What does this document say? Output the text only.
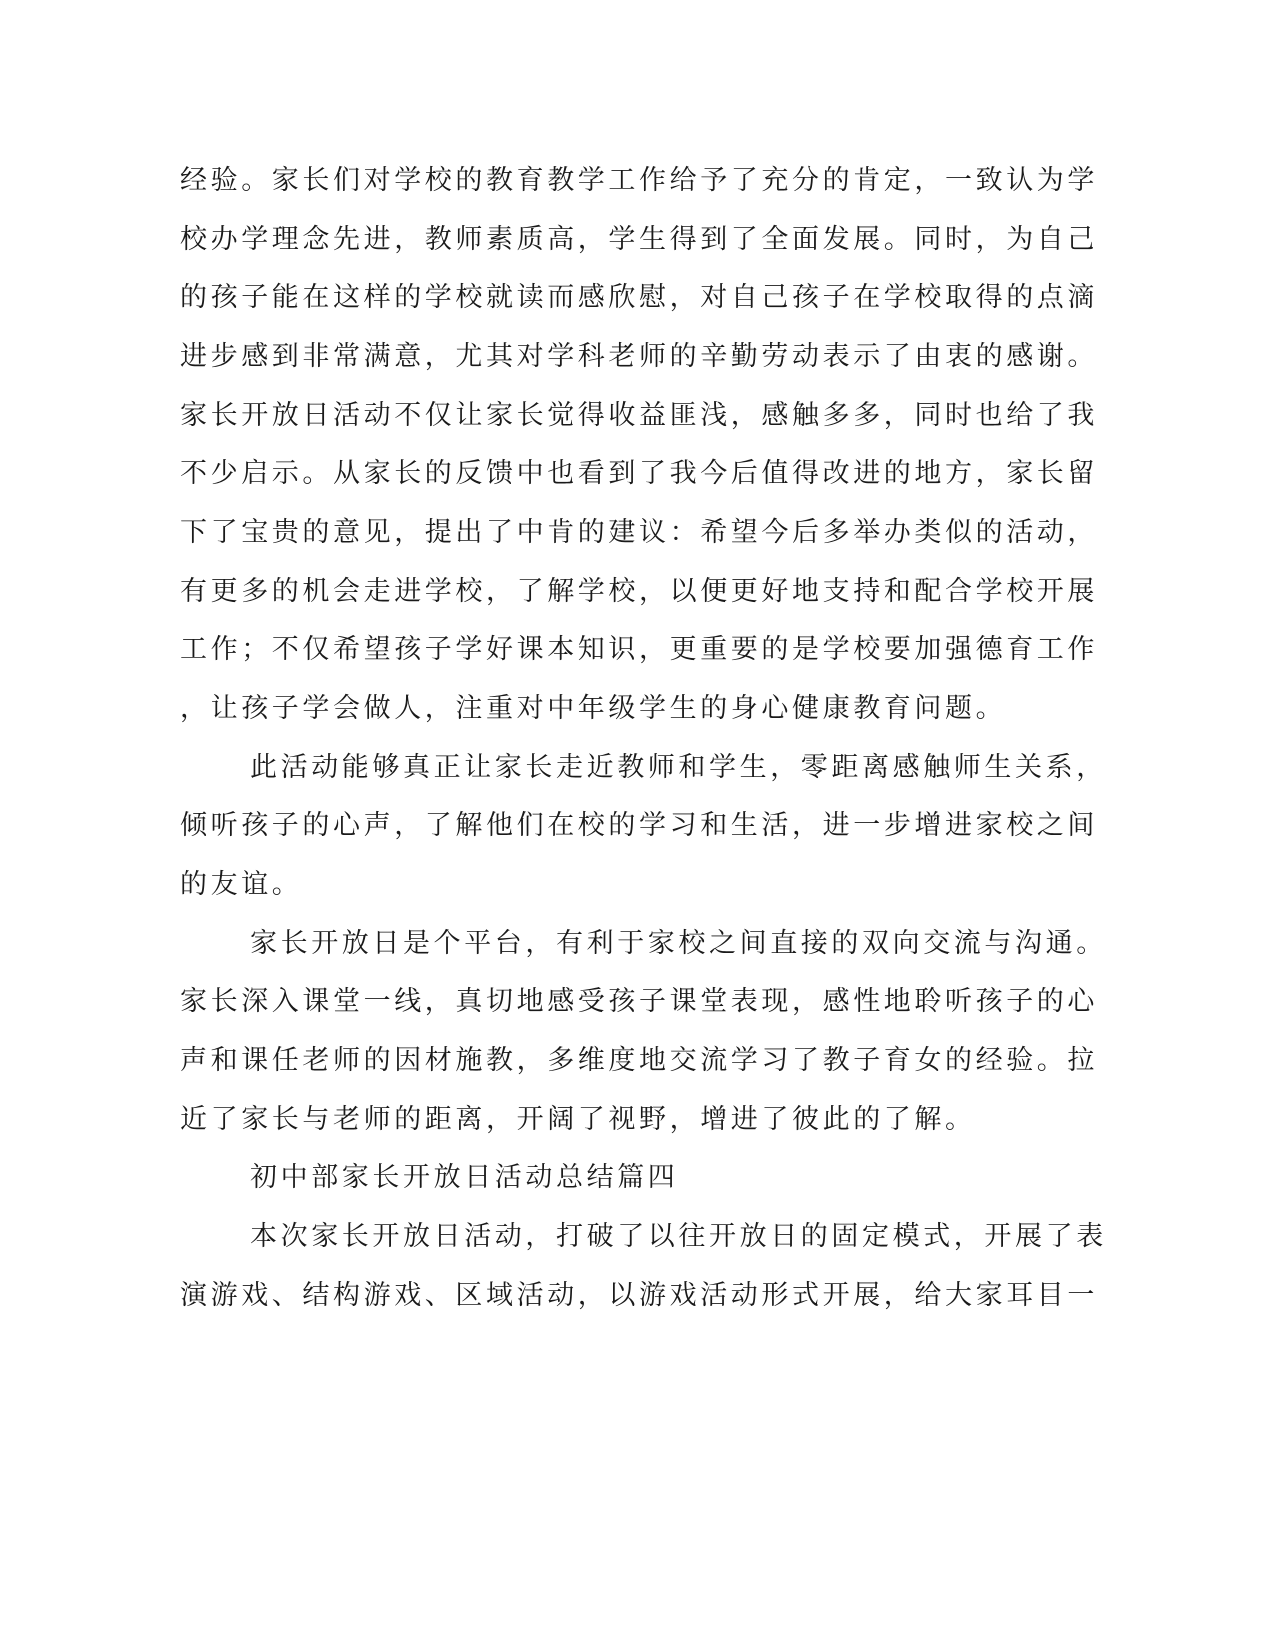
经验。家长们对学校的教育教学工作给予了充分的肯定，一致认为学
校办学理念先进，教师素质高，学生得到了全面发展。同时，为自己
的孩子能在这样的学校就读而感欣慰，对自己孩子在学校取得的点滴
进步感到非常满意，尤其对学科老师的辛勤劳动表示了由衷的感谢。
家长开放日活动不仅让家长觉得收益匪浅，感触多多，同时也给了我
不少启示。从家长的反馈中也看到了我今后值得改进的地方，家长留
下了宝贵的意见，提出了中肯的建议：希望今后多举办类似的活动，
有更多的机会走进学校，了解学校，以便更好地支持和配合学校开展
工作；不仅希望孩子学好课本知识，更重要的是学校要加强德育工作
，让孩子学会做人，注重对中年级学生的身心健康教育问题。
此活动能够真正让家长走近教师和学生，零距离感触师生关系，
倾听孩子的心声，了解他们在校的学习和生活，进一步增进家校之间
的友谊。
家长开放日是个平台，有利于家校之间直接的双向交流与沟通。
家长深入课堂一线，真切地感受孩子课堂表现，感性地聆听孩子的心
声和课任老师的因材施教，多维度地交流学习了教子育女的经验。拉
近了家长与老师的距离，开阔了视野，增进了彼此的了解。
初中部家长开放日活动总结篇四
本次家长开放日活动，打破了以往开放日的固定模式，开展了表
演游戏、结构游戏、区域活动，以游戏活动形式开展，给大家耳目一
